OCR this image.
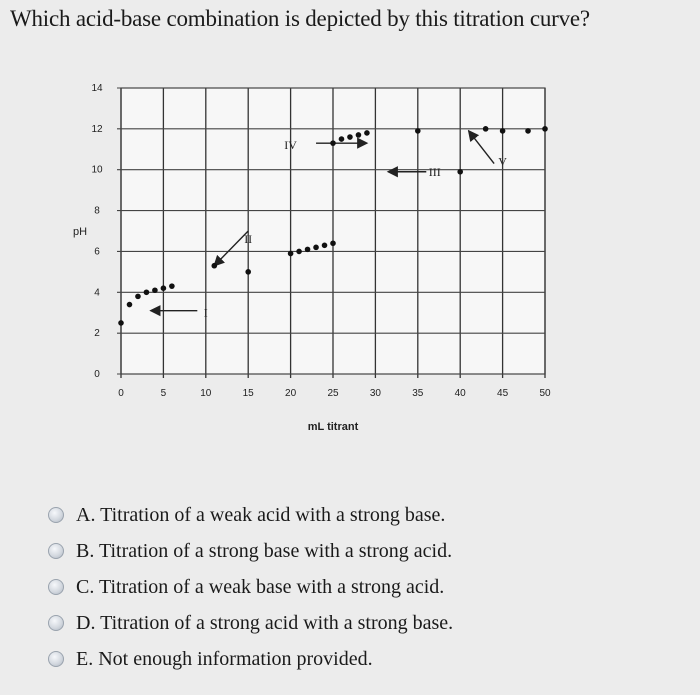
Which acid-base combination is depicted by this titration curve?
0	5	10	15	20	25	30	35	40	45	50
0
2
4
6
8
10
12
14
pH
mL titrant
I
II
III
IV
V
A. Titration of a weak acid with a strong base.
B. Titration of a strong base with a strong acid.
C. Titration of a weak base with a strong acid.
D. Titration of a strong acid with a strong base.
E. Not enough information provided.
